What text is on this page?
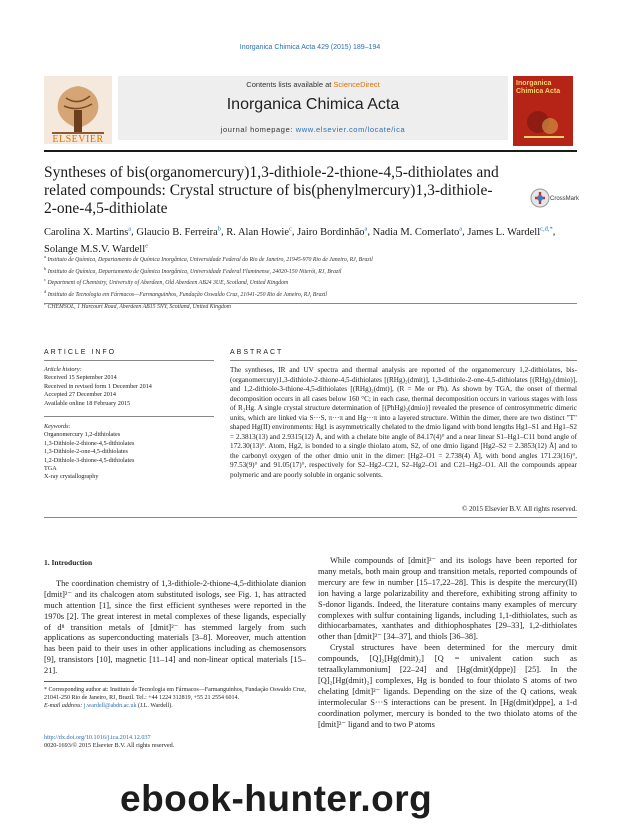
Inorganica Chimica Acta 429 (2015) 189–194
Contents lists available at ScienceDirect
Inorganica Chimica Acta
journal homepage: www.elsevier.com/locate/ica
ELSEVIER
Inorganica Chimica Acta
Syntheses of bis(organomercury)1,3-dithiole-2-thione-4,5-dithiolates and related compounds: Crystal structure of bis(phenylmercury)1,3-dithiole-2-one-4,5-dithiolate
CrossMark
Carolina X. Martins$^a$, Glaucio B. Ferreira$^b$, R. Alan Howie$^c$, Jairo Bordinhão$^a$, Nadia M. Comerlato$^a$, James L. Wardell$^{c,d,*}$, Solange M.S.V. Wardell$^e$
$^a$ Instituto de Química, Departamento de Química Inorgânica, Universidade Federal do Rio de Janeiro, 21945-970 Rio de Janeiro, RJ, Brazil
$^b$ Instituto de Química, Departamento de Química Inorgânica, Universidade Federal Fluminense, 24020-150 Niterói, RJ, Brazil
$^c$ Department of Chemistry, University of Aberdeen, Old Aberdeen AB24 3UE, Scotland, United Kingdom
$^d$ Instituto de Tecnologia em Fármacos—Farmanguinhos, Fundação Oswaldo Cruz, 21041-250 Rio de Janeiro, RJ, Brazil
CHEMSOL, 1 Harcourt Road, Aberdeen AB15 5NY, Scotland, United Kingdom
ARTICLE INFO
Article history:
Received 15 September 2014
Received in revised form 1 December 2014
Accepted 27 December 2014
Available online 18 February 2015
Keywords:
Organomercury 1,2-dithiolates
1,3-Dithiole-2-thione-4,5-dithiolates
1,3-Dithiole-2-one-4,5-dithiolates
1,2-Dithiole-3-thione-4,5-dithiolates
TGA
X-ray crystallography
ABSTRACT
The syntheses, IR and UV spectra and thermal analysis are reported of the organomercury 1,2-dithiolates, bis-(organomercury)1,3-dithiole-2-thione-4,5-dithiolates [(RHg)₂(dmit)], 1,3-dithiole-2-one-4,5-dithiolates [(RHg)₂(dmio)], and 1,2-dithiole-3-thione-4,5-dithiolates [(RHg)₂(dmt)], (R = Me or Ph). As shown by TGA, the onset of thermal decomposition occurs in all cases below 160 °C; in each case, thermal decomposition occurs in various stages with loss of R₂Hg. A single crystal structure determination of [(PhHg)₂(dmio)] revealed the presence of centrosymmetric dimeric units, which are linked via S···S, π···π and Hg···π into a layered structure. Within the dimer, there are two distinct "T" shaped Hg(II) environments: Hg1 is asymmetrically chelated to the dmio ligand with bond lengths Hg1–S1 and Hg1–S2 = 2.3813(13) and 2.9315(12) Å, and with a chelate bite angle of 84.17(4)° and a near linear S1–Hg1–C11 bond angle of 172.30(13)°. Atom, Hg2, is bonded to a single thiolato atom, S2, of one dmio ligand [Hg2–S2 = 2.3853(12) Å] and to the carbonyl oxygen of the other dmio unit in the dimer: [Hg2–O1 = 2.738(4) Å], with bond angles 171.23(16)°, 97.53(9)° and 91.05(17)°, respectively for S2–Hg2–C21, S2–Hg2–O1 and C21–Hg2–O1. All the compounds appear polymeric and are poorly soluble in organic solvents.
© 2015 Elsevier B.V. All rights reserved.
1. Introduction

The coordination chemistry of 1,3-dithiole-2-thione-4,5-dithiolate dianion [dmit]²⁻ and its chalcogen atom substituted isologs, see Fig. 1, has attracted much attention [1], since the first efficient syntheses were reported in the 1970s [2]. The great interest in metal complexes of these ligands, especially of d⁸ transition metals of [dmit]²⁻ has stemmed largely from such applications as superconducting materials [3–8]. Moreover, much attention has been paid to their uses in other applications including as chemosensors [9], transistors [10], magnetic [11–14] and non-linear optical materials [15–21].

While compounds of [dmit]²⁻ and its isologs have been reported for many metals, both main group and transition metals, reported compounds of mercury are few in number [15–17,22–28]. This is despite the mercury(II) ion having a large polarizability and therefore, exhibiting strong affinity to S-donor ligands. Indeed, the literature contains many examples of mercury complexes with sulfur containing ligands, including 1,1-dithiolates, such as dithiocarbamates, xanthates and dithiophosphates [29–33], 1,2-dithiolates other than [dmit]²⁻ [34–37], and thiols [36–38].

Crystal structures have been determined for the mercury dmit compounds, [Q]₂[Hg(dmit)₂] [Q = univalent cation such as tetraalkylammonium] [22–24] and [Hg(dmit)(dppe)] [25]. In the [Q]₂[Hg(dmit)₂] complexes, Hg is bonded to four thiolato S atoms of two chelating [dmit]²⁻ ligands. Depending on the size of the Q cations, weak intermolecular S···S interactions can be present. In [Hg(dmit)dppe], a 1-d coordination polymer, mercury is bonded to the two thiolato atoms of the [dmit]²⁻ ligand and to two P atoms

* Corresponding author at: Instituto de Tecnologia em Fármacos—Farmanguinhos, Fundação Oswaldo Cruz, 21041-250 Rio de Janeiro, RJ, Brazil. Tel.: +44 1224 312819, +55 21 2554 6014.
E-mail address: j.wardell@abdn.ac.uk (J.L. Wardell).
http://dx.doi.org/10.1016/j.ica.2014.12.037
0020-1693/© 2015 Elsevier B.V. All rights reserved.
ebook-hunter.org
